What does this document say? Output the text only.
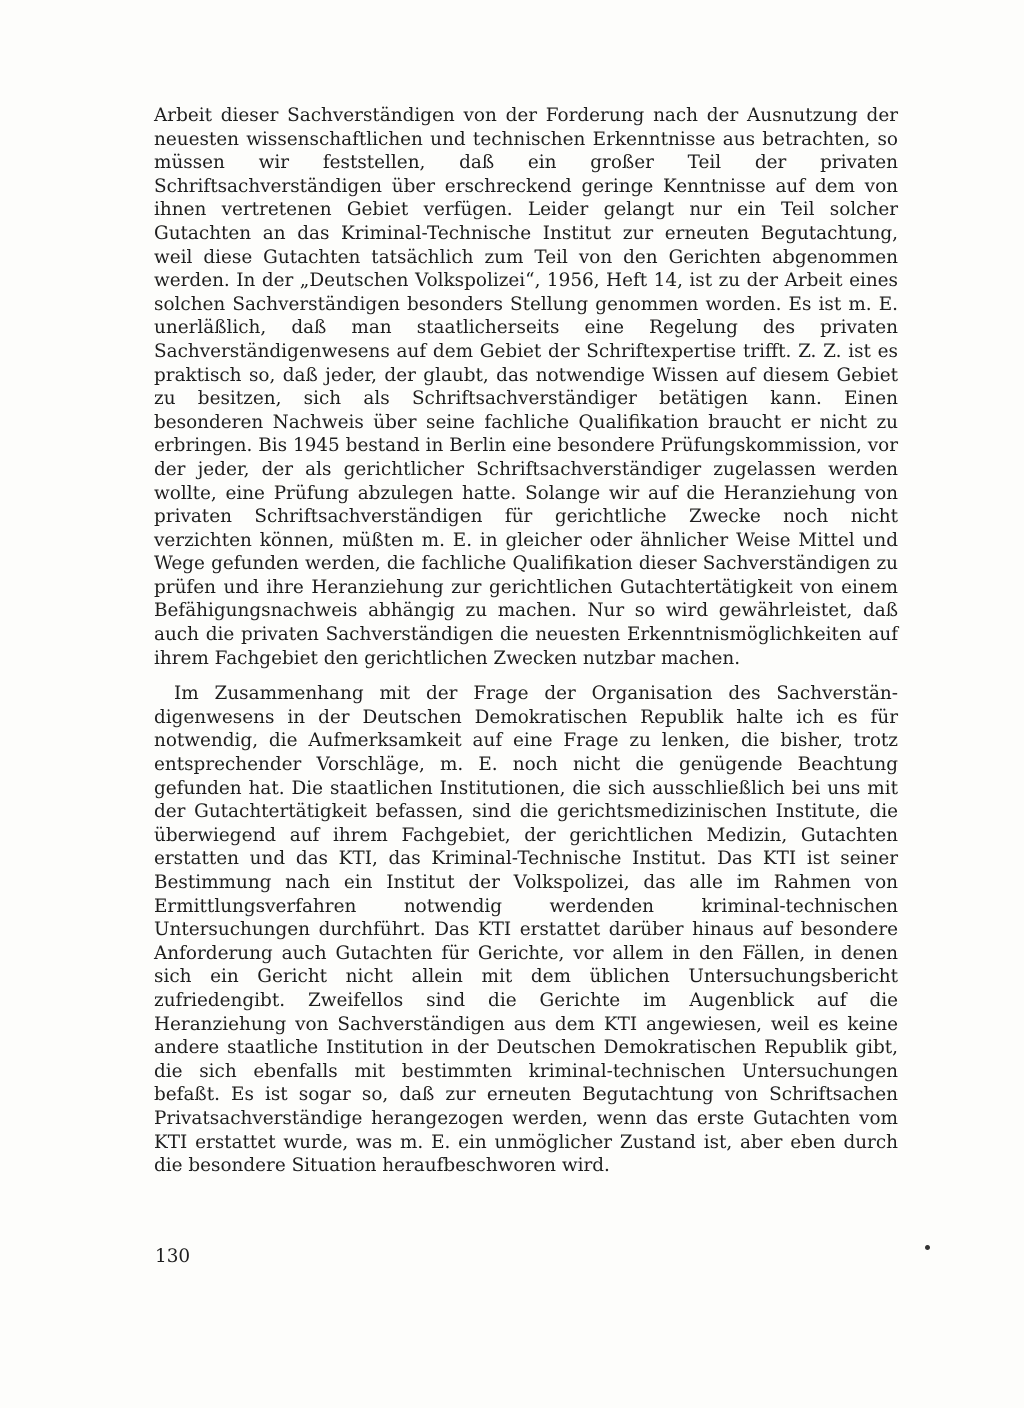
Arbeit dieser Sachverständigen von der Forderung nach der Ausnutzung der neuesten wissenschaftlichen und technischen Erkenntnisse aus betrachten, so müssen wir feststellen, daß ein großer Teil der privaten Schriftsachverständigen über erschreckend geringe Kenntnisse auf dem von ihnen vertretenen Gebiet verfügen. Leider gelangt nur ein Teil solcher Gutachten an das Kriminal-Technische Institut zur erneuten Begutachtung, weil diese Gutachten tatsächlich zum Teil von den Gerichten abgenommen werden. In der „Deutschen Volkspolizei“, 1956, Heft 14, ist zu der Arbeit eines solchen Sachverständigen besonders Stellung genommen worden. Es ist m. E. unerläßlich, daß man staatlicherseits eine Regelung des privaten Sachverständigenwesens auf dem Gebiet der Schriftexpertise trifft. Z. Z. ist es praktisch so, daß jeder, der glaubt, das notwendige Wissen auf diesem Gebiet zu besitzen, sich als Schriftsachverständiger betätigen kann. Einen besonderen Nachweis über seine fachliche Qualifikation braucht er nicht zu erbringen. Bis 1945 bestand in Berlin eine besondere Prüfungskommission, vor der jeder, der als gerichtlicher Schriftsachverständiger zugelassen werden wollte, eine Prüfung abzulegen hatte. Solange wir auf die Heranziehung von privaten Schriftsachverständigen für gerichtliche Zwecke noch nicht verzichten können, müßten m. E. in gleicher oder ähnlicher Weise Mittel und Wege gefunden werden, die fachliche Qualifikation dieser Sachverständigen zu prüfen und ihre Heranziehung zur gerichtlichen Gutachtertätigkeit von einem Befähigungsnachweis abhängig zu machen. Nur so wird gewährleistet, daß auch die privaten Sachverständigen die neuesten Erkenntnismöglichkeiten auf ihrem Fachgebiet den gerichtlichen Zwecken nutzbar machen.

Im Zusammenhang mit der Frage der Organisation des Sachverständigenwesens in der Deutschen Demokratischen Republik halte ich es für notwendig, die Aufmerksamkeit auf eine Frage zu lenken, die bisher, trotz entsprechender Vorschläge, m. E. noch nicht die genügende Beachtung gefunden hat. Die staatlichen Institutionen, die sich ausschließlich bei uns mit der Gutachtertätigkeit befassen, sind die gerichtsmedizinischen Institute, die überwiegend auf ihrem Fachgebiet, der gerichtlichen Medizin, Gutachten erstatten und das KTI, das Kriminal-Technische Institut. Das KTI ist seiner Bestimmung nach ein Institut der Volkspolizei, das alle im Rahmen von Ermittlungsverfahren notwendig werdenden kriminal-technischen Untersuchungen durchführt. Das KTI erstattet darüber hinaus auf besondere Anforderung auch Gutachten für Gerichte, vor allem in den Fällen, in denen sich ein Gericht nicht allein mit dem üblichen Untersuchungsbericht zufriedengibt. Zweifellos sind die Gerichte im Augenblick auf die Heranziehung von Sachverständigen aus dem KTI angewiesen, weil es keine andere staatliche Institution in der Deutschen Demokratischen Republik gibt, die sich ebenfalls mit bestimmten kriminal-technischen Untersuchungen befaßt. Es ist sogar so, daß zur erneuten Begutachtung von Schriftsachen Privatsachverständige herangezogen werden, wenn das erste Gutachten vom KTI erstattet wurde, was m. E. ein unmöglicher Zustand ist, aber eben durch die besondere Situation heraufbeschworen wird.

130
